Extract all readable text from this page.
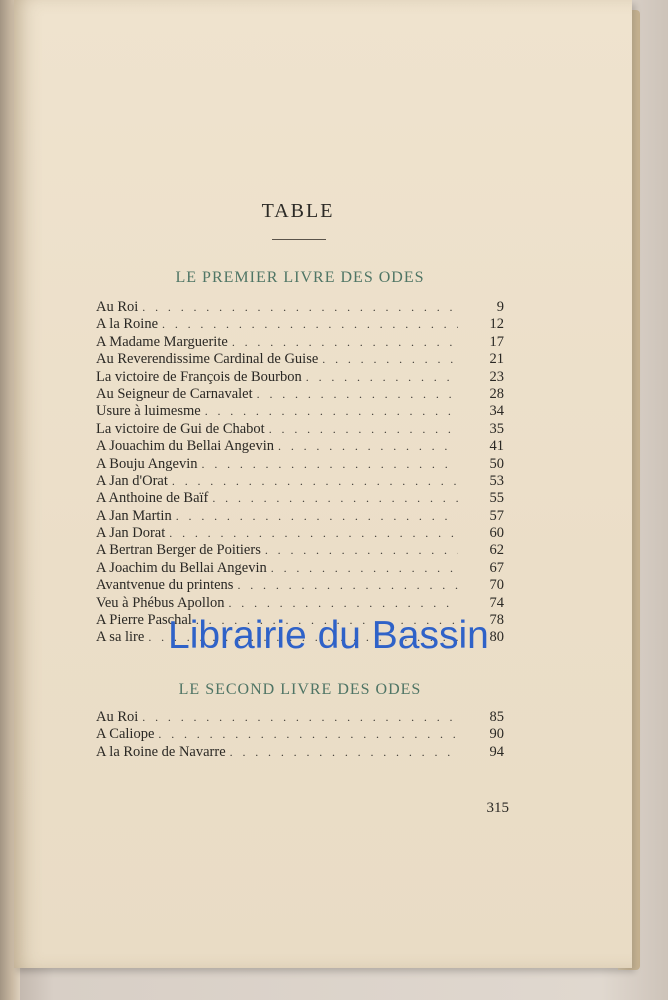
TABLE
LE PREMIER LIVRE DES ODES
Au Roi . . .	9
A la Roine . . .	12
A Madame Marguerite . . .	17
Au Reverendissime Cardinal de Guise . . .	21
La victoire de François de Bourbon . . .	23
Au Seigneur de Carnavalet . . .	28
Usure à luimesme . . .	34
La victoire de Gui de Chabot . . .	35
A Jouachim du Bellai Angevin . . .	41
A Bouju Angevin . . .	50
A Jan d'Orat . . .	53
A Anthoine de Baïf . . .	55
A Jan Martin . . .	57
A Jan Dorat . . .	60
A Bertran Berger de Poitiers . . .	62
A Joachim du Bellai Angevin . . .	67
Avantvenue du printens . . .	70
Veu à Phébus Apollon . . .	74
A Pierre Paschal . . .	78
A sa lire . . .	80
LE SECOND LIVRE DES ODES
Au Roi . . .	85
A Caliope . . .	90
A la Roine de Navarre . . .	94
315
Librairie du Bassin
